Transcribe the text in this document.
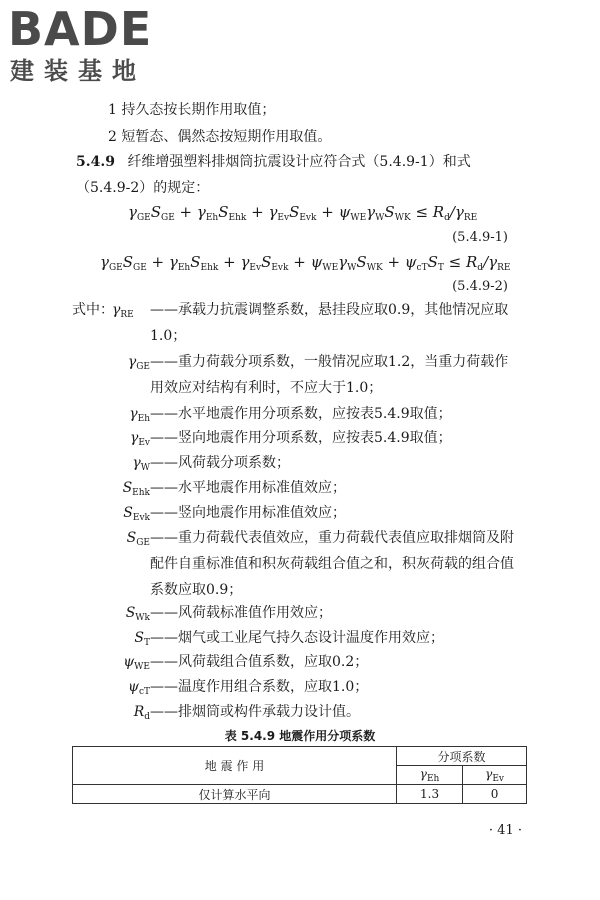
BADE
建装基地
1 持久态按长期作用取值；
2 短暂态、偶然态按短期作用取值。
5.4.9 纤维增强塑料排烟筒抗震设计应符合式（5.4.9-1）和式
（5.4.9-2）的规定：
$\gamma_{GE}S_{GE} + \gamma_{Eh}S_{Ehk} + \gamma_{Ev}S_{Evk} + \psi_{WE}\gamma_WS_{WK} \le R_d/\gamma_{RE}$
(5.4.9-1)
$\gamma_{GE}S_{GE} + \gamma_{Eh}S_{Ehk} + \gamma_{Ev}S_{Evk} + \psi_{WE}\gamma_WS_{WK} + \psi_{cT}S_T \le R_d/\gamma_{RE}$
(5.4.9-2)
式中：
$\gamma_{RE}$ ——承载力抗震调整系数，悬挂段应取0.9，其他情况应取1.0；
$\gamma_{GE}$ ——重力荷载分项系数，一般情况应取1.2，当重力荷载作用效应对结构有利时，不应大于1.0；
$\gamma_{Eh}$ ——水平地震作用分项系数，应按表5.4.9取值；
$\gamma_{Ev}$ ——竖向地震作用分项系数，应按表5.4.9取值；
$\gamma_W$ ——风荷载分项系数；
$S_{Ehk}$ ——水平地震作用标准值效应；
$S_{Evk}$ ——竖向地震作用标准值效应；
$S_{GE}$ ——重力荷载代表值效应，重力荷载代表值应取排烟筒及附配件自重标准值和积灰荷载组合值之和，积灰荷载的组合值系数应取0.9；
$S_{Wk}$ ——风荷载标准值作用效应；
$S_T$ ——烟气或工业尾气持久态设计温度作用效应；
$\psi_{WE}$ ——风荷载组合值系数，应取0.2；
$\psi_{cT}$ ——温度作用组合系数，应取1.0；
$R_d$ ——排烟筒或构件承载力设计值。
表 5.4.9 地震作用分项系数
地 震 作 用	分项系数	
	$\gamma_{Eh}$	$\gamma_{Ev}$
仅计算水平向	1.3	0
· 41 ·
